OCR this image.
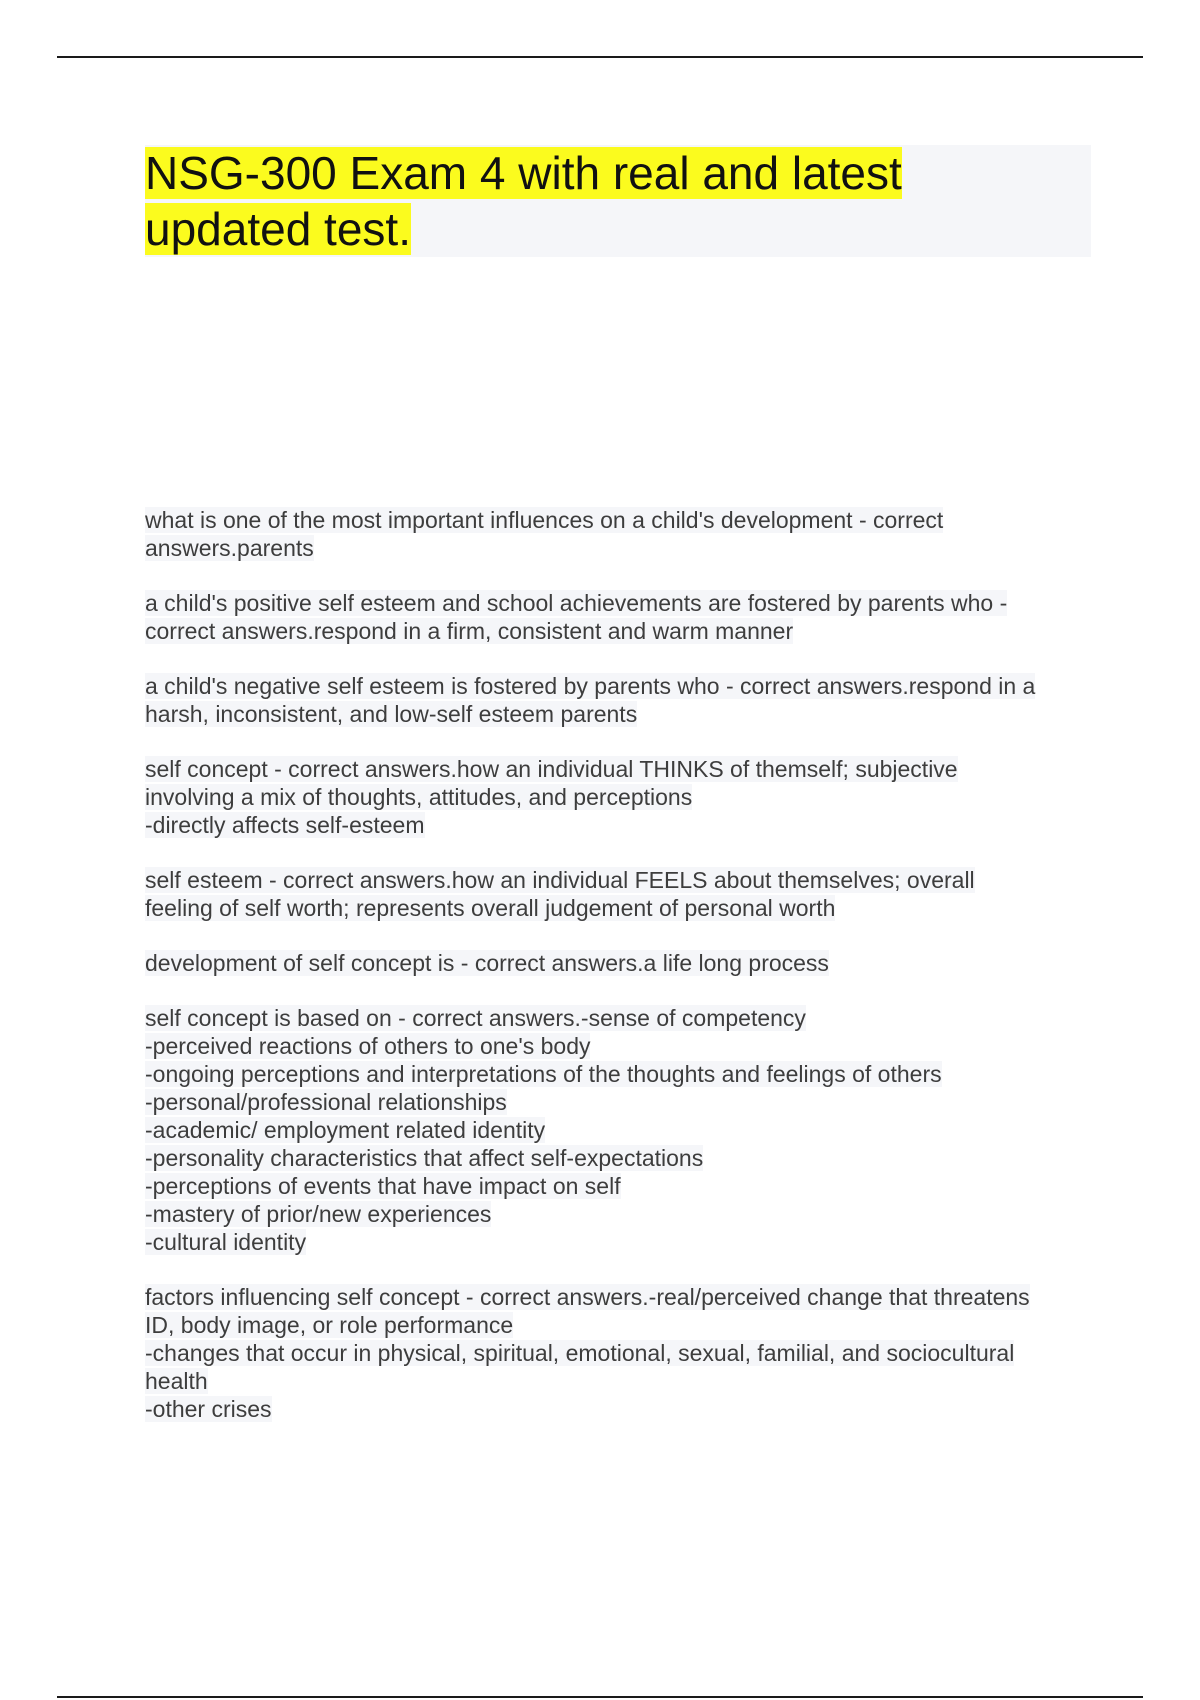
NSG-300 Exam 4 with real and latest
updated test.

what is one of the most important influences on a child's development - correct
answers.parents

a child's positive self esteem and school achievements are fostered by parents who -
correct answers.respond in a firm, consistent and warm manner

a child's negative self esteem is fostered by parents who - correct answers.respond in a
harsh, inconsistent, and low-self esteem parents

self concept - correct answers.how an individual THINKS of themself; subjective
involving a mix of thoughts, attitudes, and perceptions
-directly affects self-esteem

self esteem - correct answers.how an individual FEELS about themselves; overall
feeling of self worth; represents overall judgement of personal worth

development of self concept is - correct answers.a life long process

self concept is based on - correct answers.-sense of competency
-perceived reactions of others to one's body
-ongoing perceptions and interpretations of the thoughts and feelings of others
-personal/professional relationships
-academic/ employment related identity
-personality characteristics that affect self-expectations
-perceptions of events that have impact on self
-mastery of prior/new experiences
-cultural identity

factors influencing self concept - correct answers.-real/perceived change that threatens
ID, body image, or role performance
-changes that occur in physical, spiritual, emotional, sexual, familial, and sociocultural
health
-other crises
